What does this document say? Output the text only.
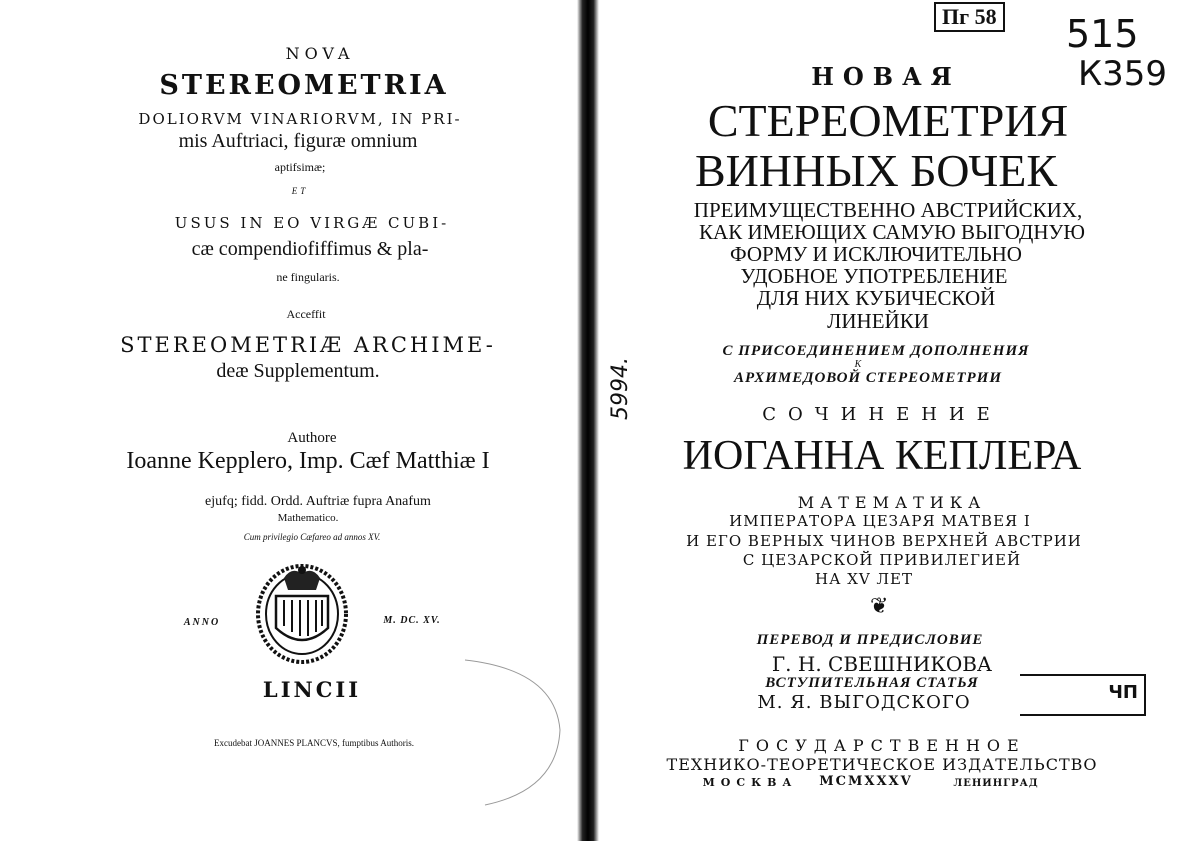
NOVA
STEREOMETRIA
DOLIORVM VINARIORVM, IN PRI-
mis Auftriaci, figuræ omnium
aptifsimæ;
ET
USUS IN EO VIRGÆ CUBI-
cæ compendiofiffimus & pla-
ne fingularis.
Acceffit
STEREOMETRIÆ ARCHIME-
deæ Supplementum.
Authore
Ioanne Kepplero, Imp. Cæf Matthiæ I
ejufq; fidd. Ordd. Auftriæ fupra Anafum
Mathematico.
Cum privilegio Cæfareo ad annos XV.
ANNO	M. DC. XV.
LINCII
Excudebat JOANNES PLANCVS, fumptibus Authoris.
5994.
Пг 58 515
К359
НОВАЯ
СТЕРЕОМЕТРИЯ
ВИННЫХ БОЧЕК
ПРЕИМУЩЕСТВЕННО АВСТРИЙСКИХ,
КАК ИМЕЮЩИХ САМУЮ ВЫГОДНУЮ
ФОРМУ И ИСКЛЮЧИТЕЛЬНО
УДОБНОЕ УПОТРЕБЛЕНИЕ
ДЛЯ НИХ КУБИЧЕСКОЙ
ЛИНЕЙКИ
С ПРИСОЕДИНЕНИЕМ ДОПОЛНЕНИЯ
К
АРХИМЕДОВОЙ СТЕРЕОМЕТРИИ
СОЧИНЕНИЕ
ИОГАННА КЕПЛЕРА
МАТЕМАТИКА
ИМПЕРАТОРА ЦЕЗАРЯ МАТВЕЯ I
И ЕГО ВЕРНЫХ ЧИНОВ ВЕРХНЕЙ АВСТРИИ
С ЦЕЗАРСКОЙ ПРИВИЛЕГИЕЙ
НА XV ЛЕТ
❦
ПЕРЕВОД И ПРЕДИСЛОВИЕ
Г. Н. СВЕШНИКОВА
ВСТУПИТЕЛЬНАЯ СТАТЬЯ
М. Я. ВЫГОДСКОГО	ЧП
ГОСУДАРСТВЕННОЕ
ТЕХНИКО-ТЕОРЕТИЧЕСКОЕ ИЗДАТЕЛЬСТВО
МОСКВА MCMXXXV	ЛЕНИНГРАД
